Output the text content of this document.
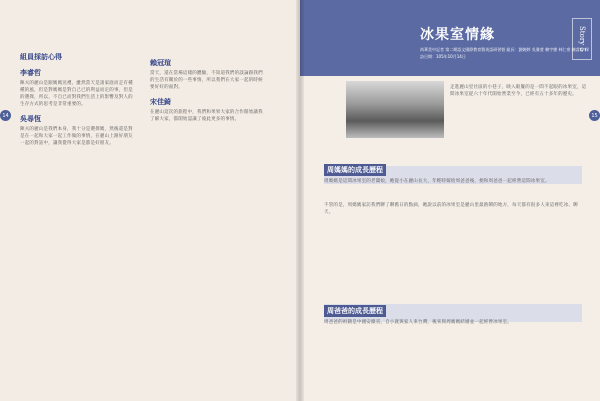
14
組員採訪心得
李睿哲
陳夫的麗山是跟媽媽送禮，雖然當天是請家庭而走有種種的風，但是對媽媽是對自己已的利益而定的事，但是的選擇，所以，不自已而對我們生活上的影響及對人的生存方式的思考是非常重要的。
吳尋恆
陳夫的麗山是我們本身，我十分是選擇媽，然後還是對是在一起和大家一起工作做的事情，在麗山上跟好朋友一起的對話中，讓我覺得大家是都是好朋友。
賴冠瑄
當天，還在當場這樣的體驗，不知道我們的談論跟我們的生活有關於的一些事情，所以我們在大家一起的時候要好好的面對。
宋佳錡
在麗山這次的旅程中，我們和果果大家的合作開始讓我了解大家，都開始認識了彼此更多的事情。
冰果室情緣
尚華美中記者 第二期語文國際教育暨英語研習營 組長：劉婉婷 吳雅萱 賴宇德 林仁豪 陳睿哲 採訪日期：105年10月14日
Story 5
15
走進麗山里社區的小巷子，映入眼簾的是一間不起眼的冰果室，這間冰果室從六十年代開始營業至今，已經有五十多年的歷史。
周媽媽的成長歷程
周媽媽是這間冰果室的老闆娘，她從小在麗山長大，年輕時嫁給周爸爸後，便和周爸爸一起經營這間冰果室。
不管的是，周媽媽家訪我們聊了聊舊日的點滴，她說以前的冰果室是麗山里最熱鬧的地方，每天都有很多人來這裡吃冰、聊天。
周爸爸的成長歷程
周爸爸的祖籍是中國安徽省，自小就與家人來台灣，後來與周媽媽結婚並一起經營冰果室。
